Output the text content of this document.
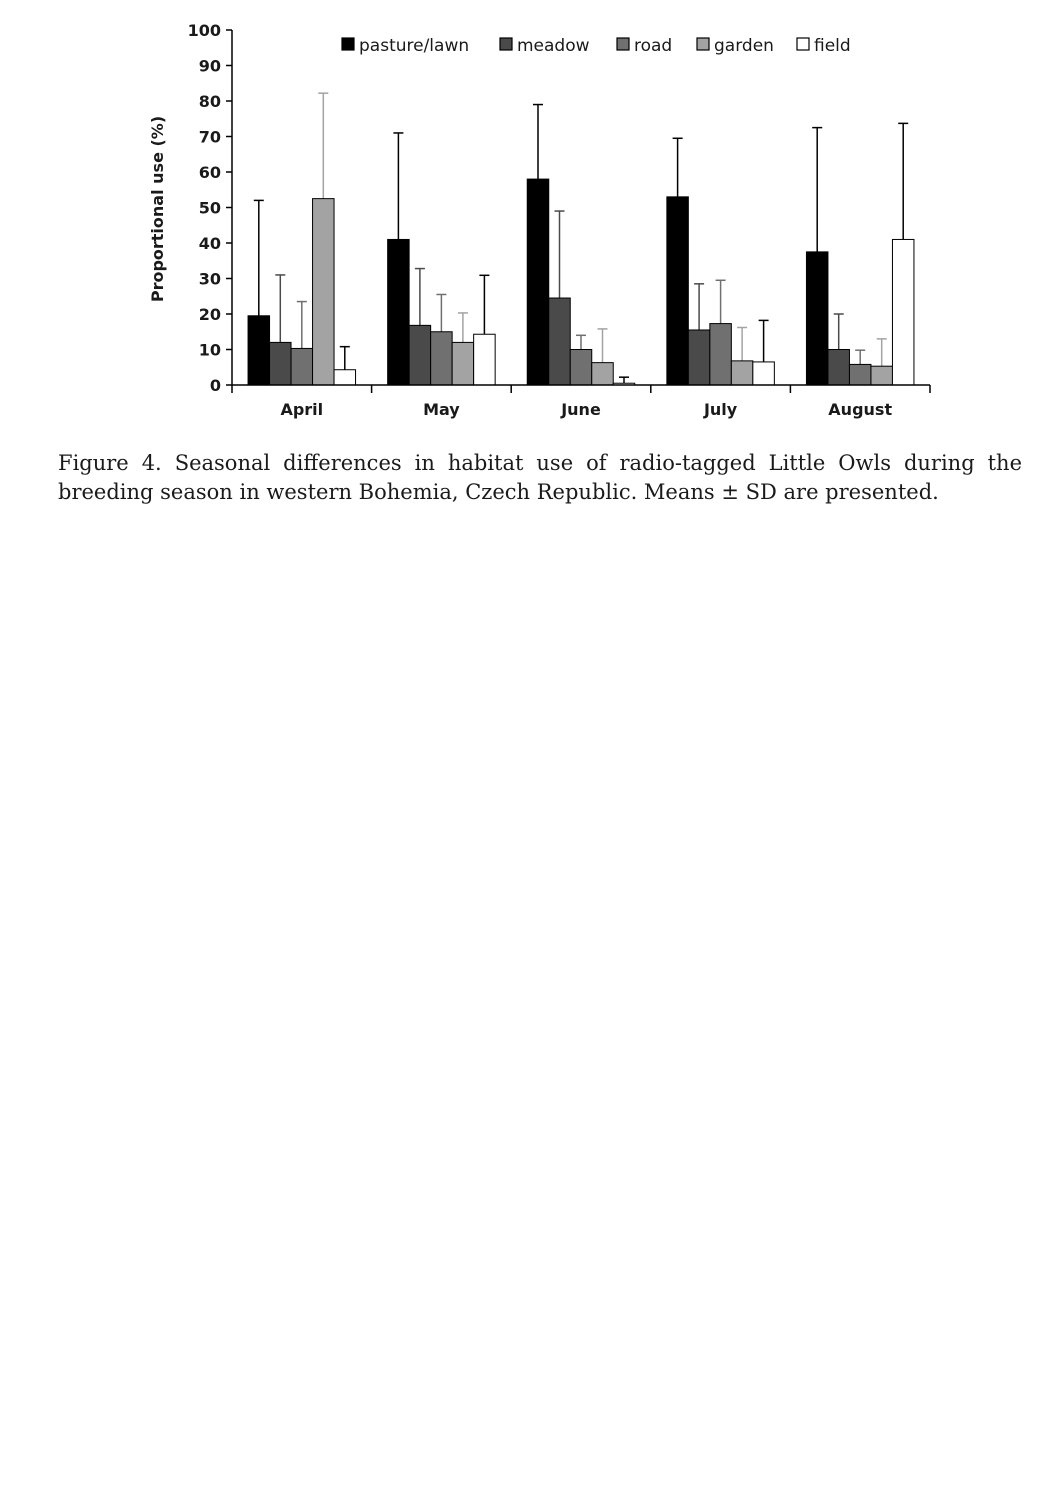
pasture/lawn	meadow	road garden field
0
10
20
30
40
50
60
70
80
90
100
April	May	June	July	August
Proportional use (%)

Figure 4. Seasonal differences in habitat use of radio-tagged Little Owls during the breeding season in western Bohemia, Czech Republic. Means ± SD are presented.
